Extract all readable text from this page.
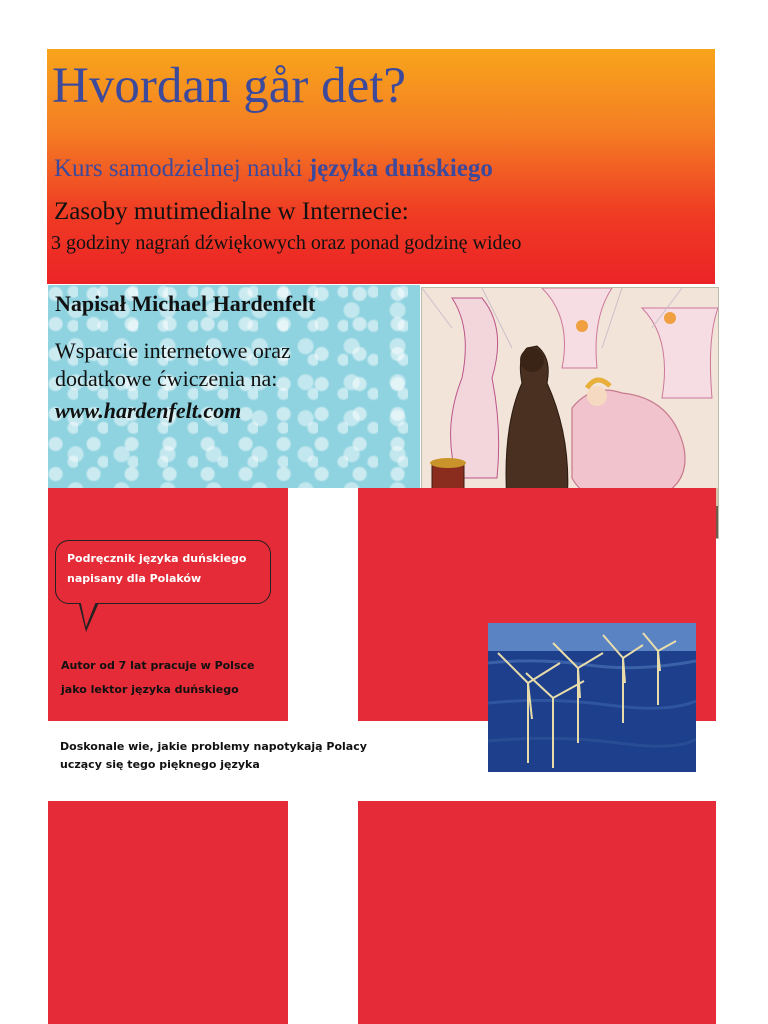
Hvordan går det?
Kurs samodzielnej nauki języka duńskiego
Zasoby mutimedialne w Internecie:
3 godziny nagrań dźwiękowych oraz ponad godzinę wideo
Napisał Michael Hardenfelt
Wsparcie internetowe oraz
dodatkowe ćwiczenia na:
www.hardenfelt.com
Podręcznik języka duńskiego
napisany dla Polaków
Autor od 7 lat pracuje w Polsce
jako lektor języka duńskiego
Doskonale wie, jakie problemy napotykają Polacy
uczący się tego pięknego języka
